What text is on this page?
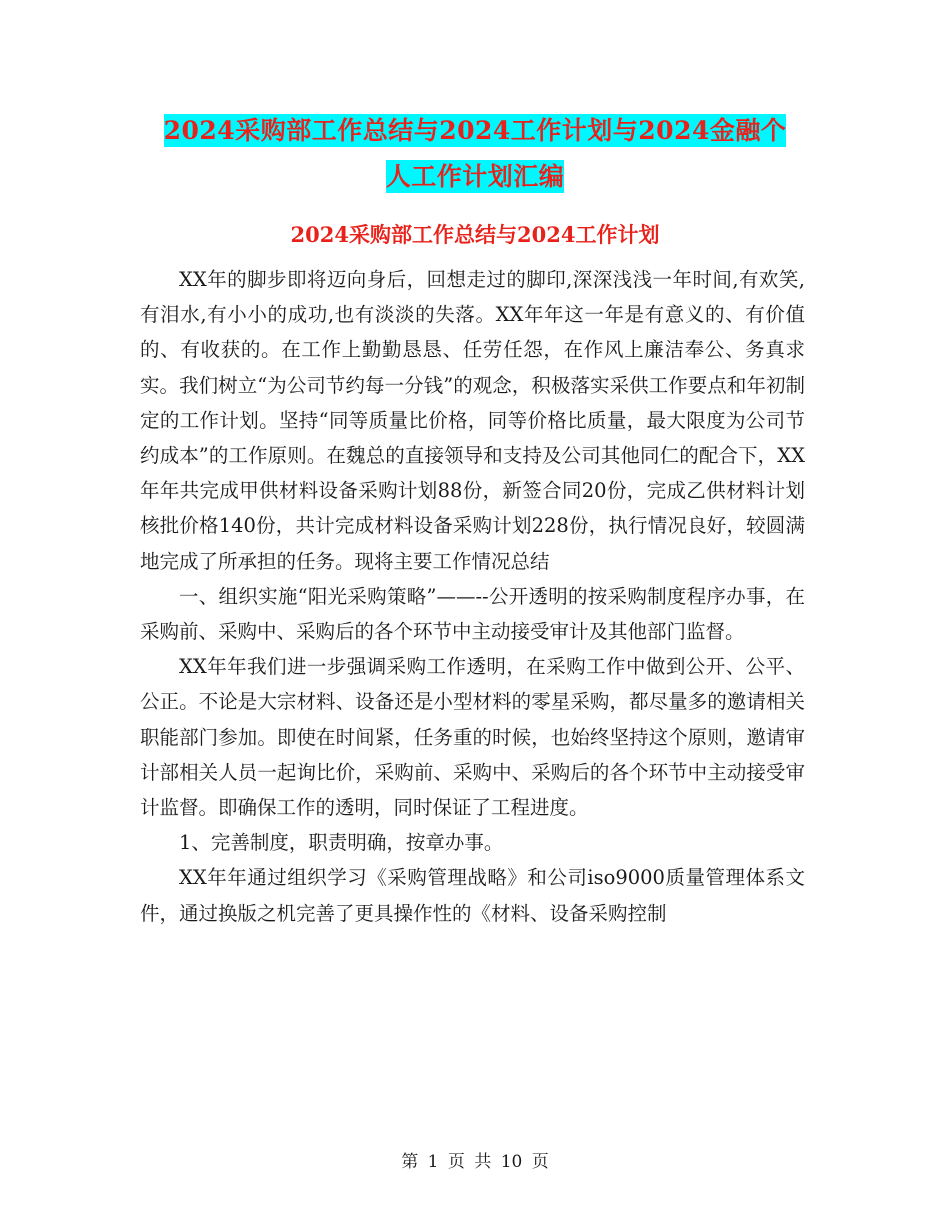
2024采购部工作总结与2024工作计划与2024金融个
人工作计划汇编
2024采购部工作总结与2024工作计划

XX年的脚步即将迈向身后，回想走过的脚印,深深浅浅一年时间,有欢笑,有泪水,有小小的成功,也有淡淡的失落。XX年年这一年是有意义的、有价值的、有收获的。在工作上勤勤恳恳、任劳任怨，在作风上廉洁奉公、务真求实。我们树立“为公司节约每一分钱”的观念，积极落实采供工作要点和年初制定的工作计划。坚持“同等质量比价格，同等价格比质量，最大限度为公司节约成本”的工作原则。在魏总的直接领导和支持及公司其他同仁的配合下，XX年年共完成甲供材料设备采购计划88份，新签合同20份，完成乙供材料计划核批价格140份，共计完成材料设备采购计划228份，执行情况良好，较圆满地完成了所承担的任务。现将主要工作情况总结

一、组织实施“阳光采购策略”——--公开透明的按采购制度程序办事，在采购前、采购中、采购后的各个环节中主动接受审计及其他部门监督。

XX年年我们进一步强调采购工作透明，在采购工作中做到公开、公平、公正。不论是大宗材料、设备还是小型材料的零星采购，都尽量多的邀请相关职能部门参加。即使在时间紧，任务重的时候，也始终坚持这个原则，邀请审计部相关人员一起询比价，采购前、采购中、采购后的各个环节中主动接受审计监督。即确保工作的透明，同时保证了工程进度。

1、完善制度，职责明确，按章办事。

XX年年通过组织学习《采购管理战略》和公司iso9000质量管理体系文件，通过换版之机完善了更具操作性的《材料、设备采购控制

第 1 页 共 10 页
